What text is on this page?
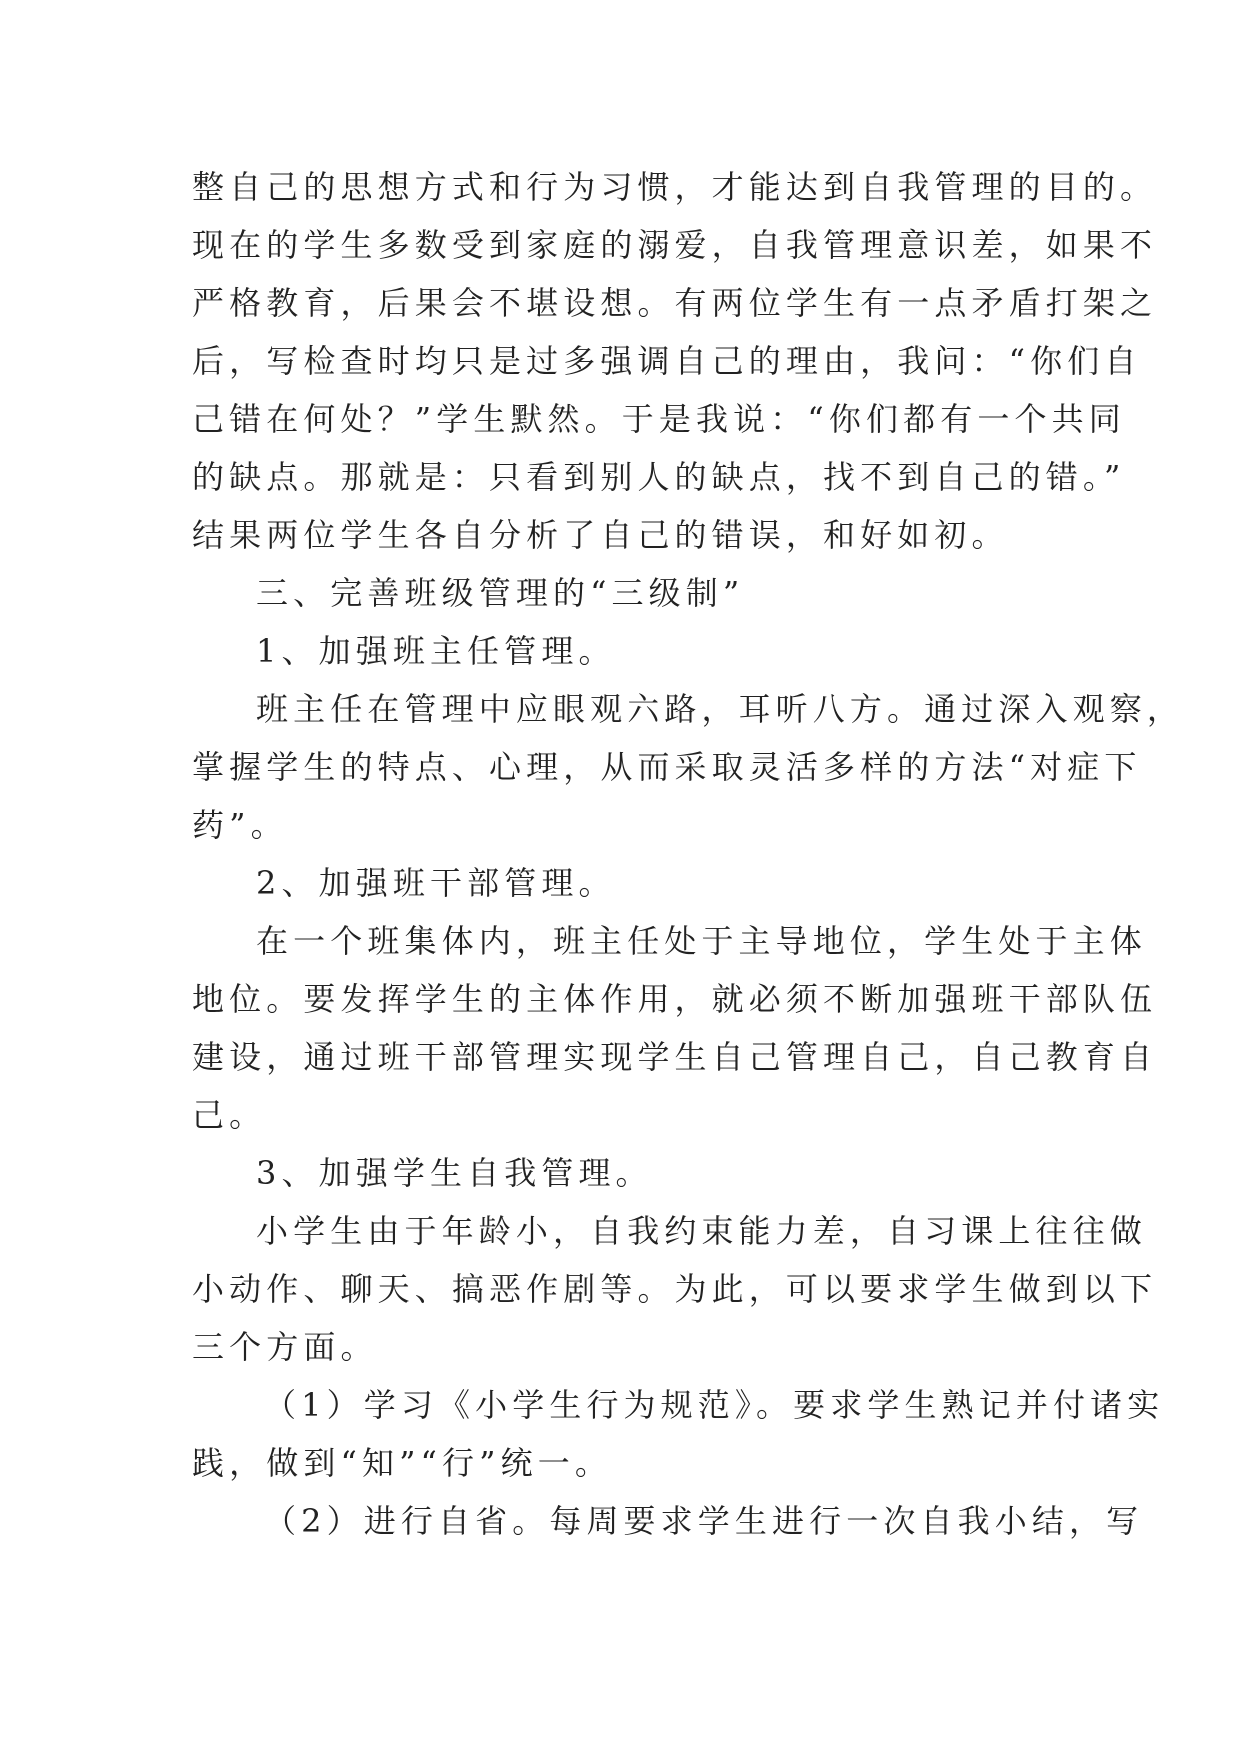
整自己的思想方式和行为习惯，才能达到自我管理的目的。
现在的学生多数受到家庭的溺爱，自我管理意识差，如果不
严格教育，后果会不堪设想。有两位学生有一点矛盾打架之
后，写检查时均只是过多强调自己的理由，我问：“你们自
己错在何处？”学生默然。于是我说：“你们都有一个共同
的缺点。那就是：只看到别人的缺点，找不到自己的错。”
结果两位学生各自分析了自己的错误，和好如初。
三、完善班级管理的“三级制”
1、加强班主任管理。
班主任在管理中应眼观六路，耳听八方。通过深入观察，
掌握学生的特点、心理，从而采取灵活多样的方法“对症下
药”。
2、加强班干部管理。
在一个班集体内，班主任处于主导地位，学生处于主体
地位。要发挥学生的主体作用，就必须不断加强班干部队伍
建设，通过班干部管理实现学生自己管理自己，自己教育自
己。
3、加强学生自我管理。
小学生由于年龄小，自我约束能力差，自习课上往往做
小动作、聊天、搞恶作剧等。为此，可以要求学生做到以下
三个方面。
（1）学习《小学生行为规范》。要求学生熟记并付诸实
践，做到“知”“行”统一。
（2）进行自省。每周要求学生进行一次自我小结，写
